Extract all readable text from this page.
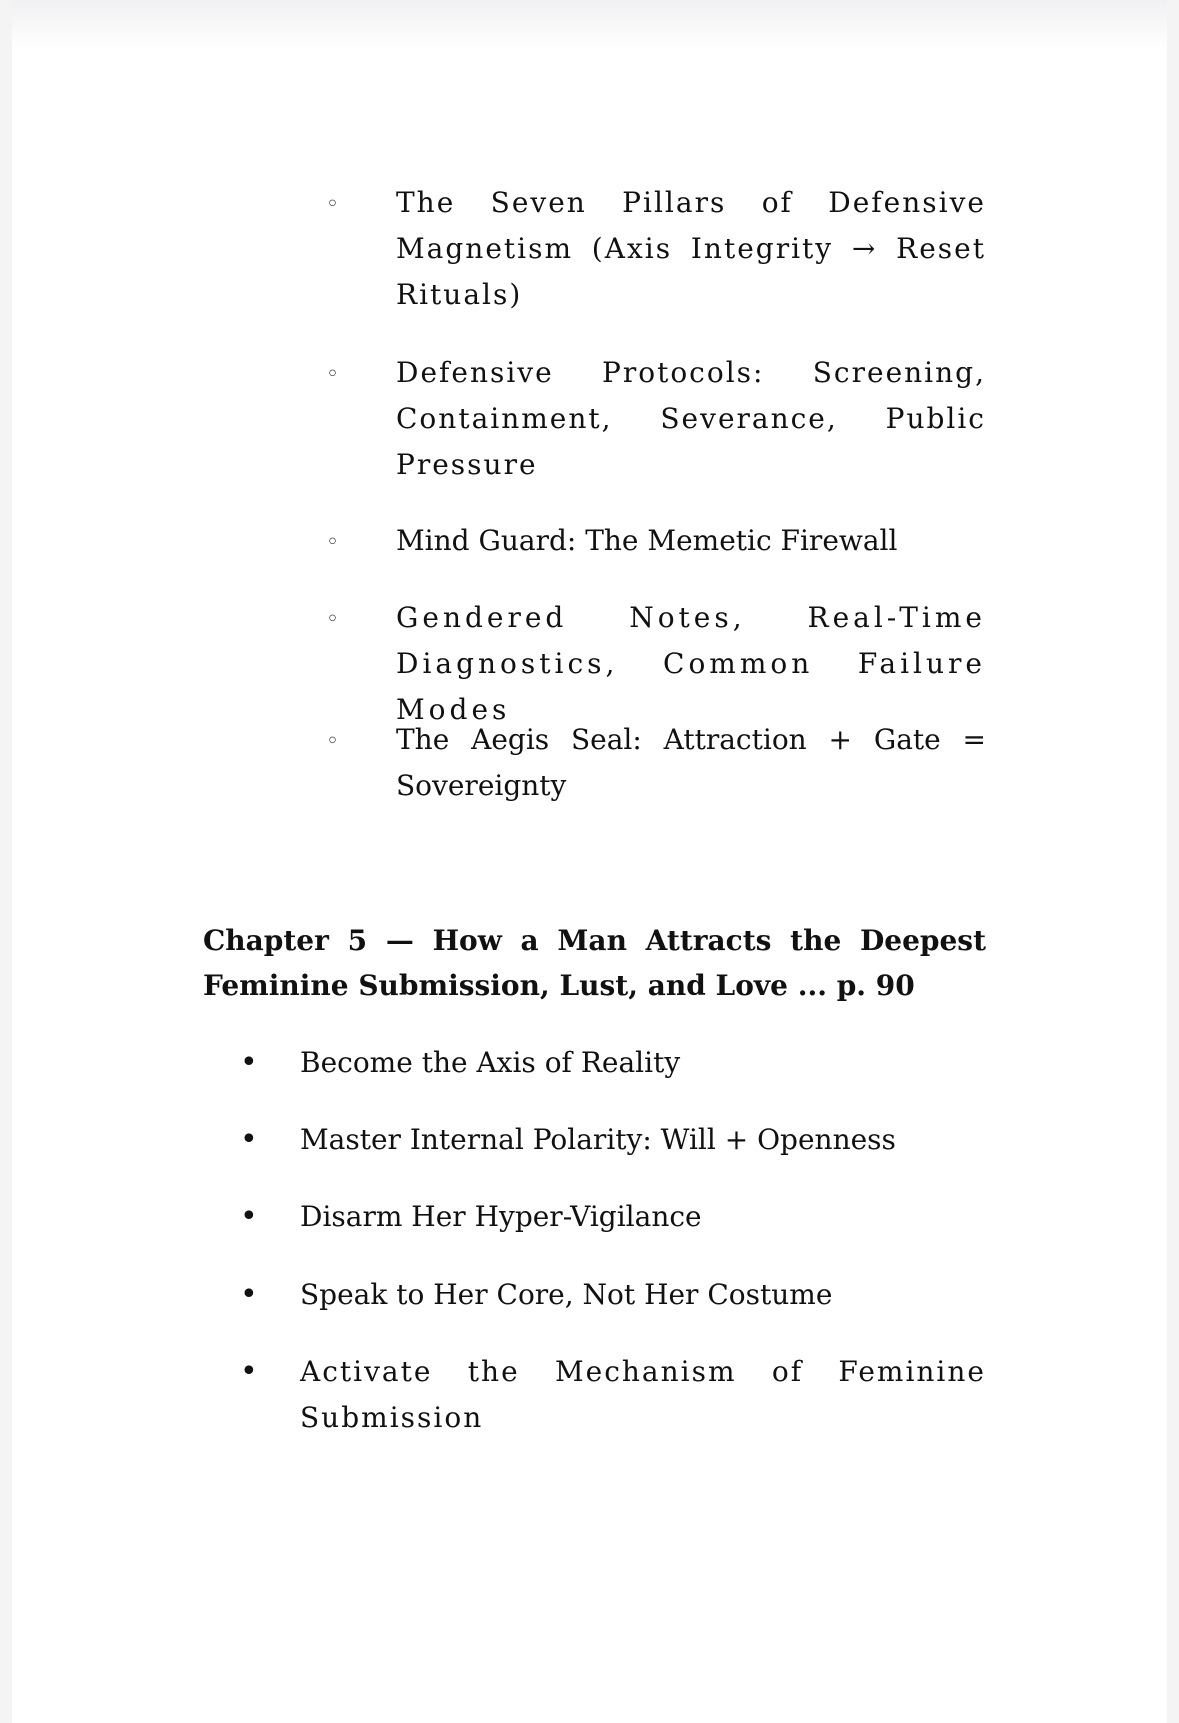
◦ The Seven Pillars of Defensive Magnetism (Axis Integrity → Reset Rituals)
◦ Defensive Protocols: Screening, Containment, Severance, Public Pressure
◦ Mind Guard: The Memetic Firewall
◦ Gendered Notes, Real-Time Diagnostics, Common Failure Modes
◦ The Aegis Seal: Attraction + Gate = Sovereignty
Chapter 5 — How a Man Attracts the Deepest Feminine Submission, Lust, and Love ... p. 90
• Become the Axis of Reality
• Master Internal Polarity: Will + Openness
• Disarm Her Hyper-Vigilance
• Speak to Her Core, Not Her Costume
• Activate the Mechanism of Feminine Submission
